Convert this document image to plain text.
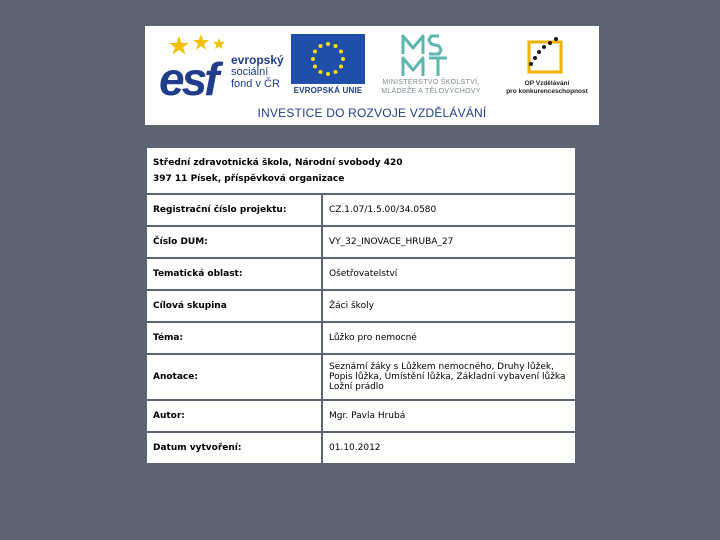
esf evropský
sociální
fond v ČR
EVROPSKÁ UNIE
MINISTERSTVO ŠKOLSTVÍ,
MLÁDEŽE A TĚLOVÝCHOVY
OP Vzdělávání
pro konkurenceschopnost
INVESTICE DO ROZVOJE VZDĚLÁVÁNÍ
Střední zdravotnická škola, Národní svobody 420
397 11 Písek, příspěvková organizace	

Registrační číslo projektu:	CZ.1.07/1.5.00/34.0580
Číslo DUM:	VY_32_INOVACE_HRUBA_27
Tematická oblast:	Ošetřovatelství
Cílová skupina	Žáci školy
Téma:	Lůžko pro nemocné
Anotace:	Seznámí žáky s Lůžkem nemocného, Druhy lůžek,
Popis lůžka, Umístění lůžka, Základní vybavení lůžka
Ložní prádlo

Autor:	Mgr. Pavla Hrubá
Datum vytvoření:	01.10.2012
